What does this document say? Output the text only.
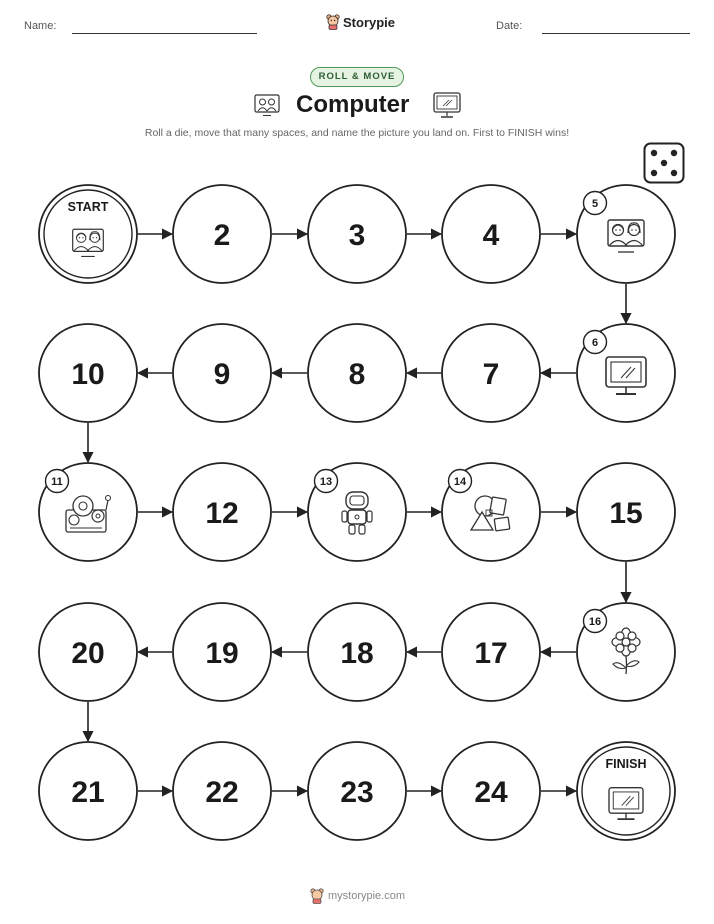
Name:	Storypie	Date:
ROLL & MOVE
Computer
Roll a die, move that many spaces, and name the picture you land on. First to FINISH wins!
START
2	3	4
5
6
7
8
9
10
11
12
13	14
15
16
17
18
19
20
21	22	23	24
FINISH
mystorypie.com
